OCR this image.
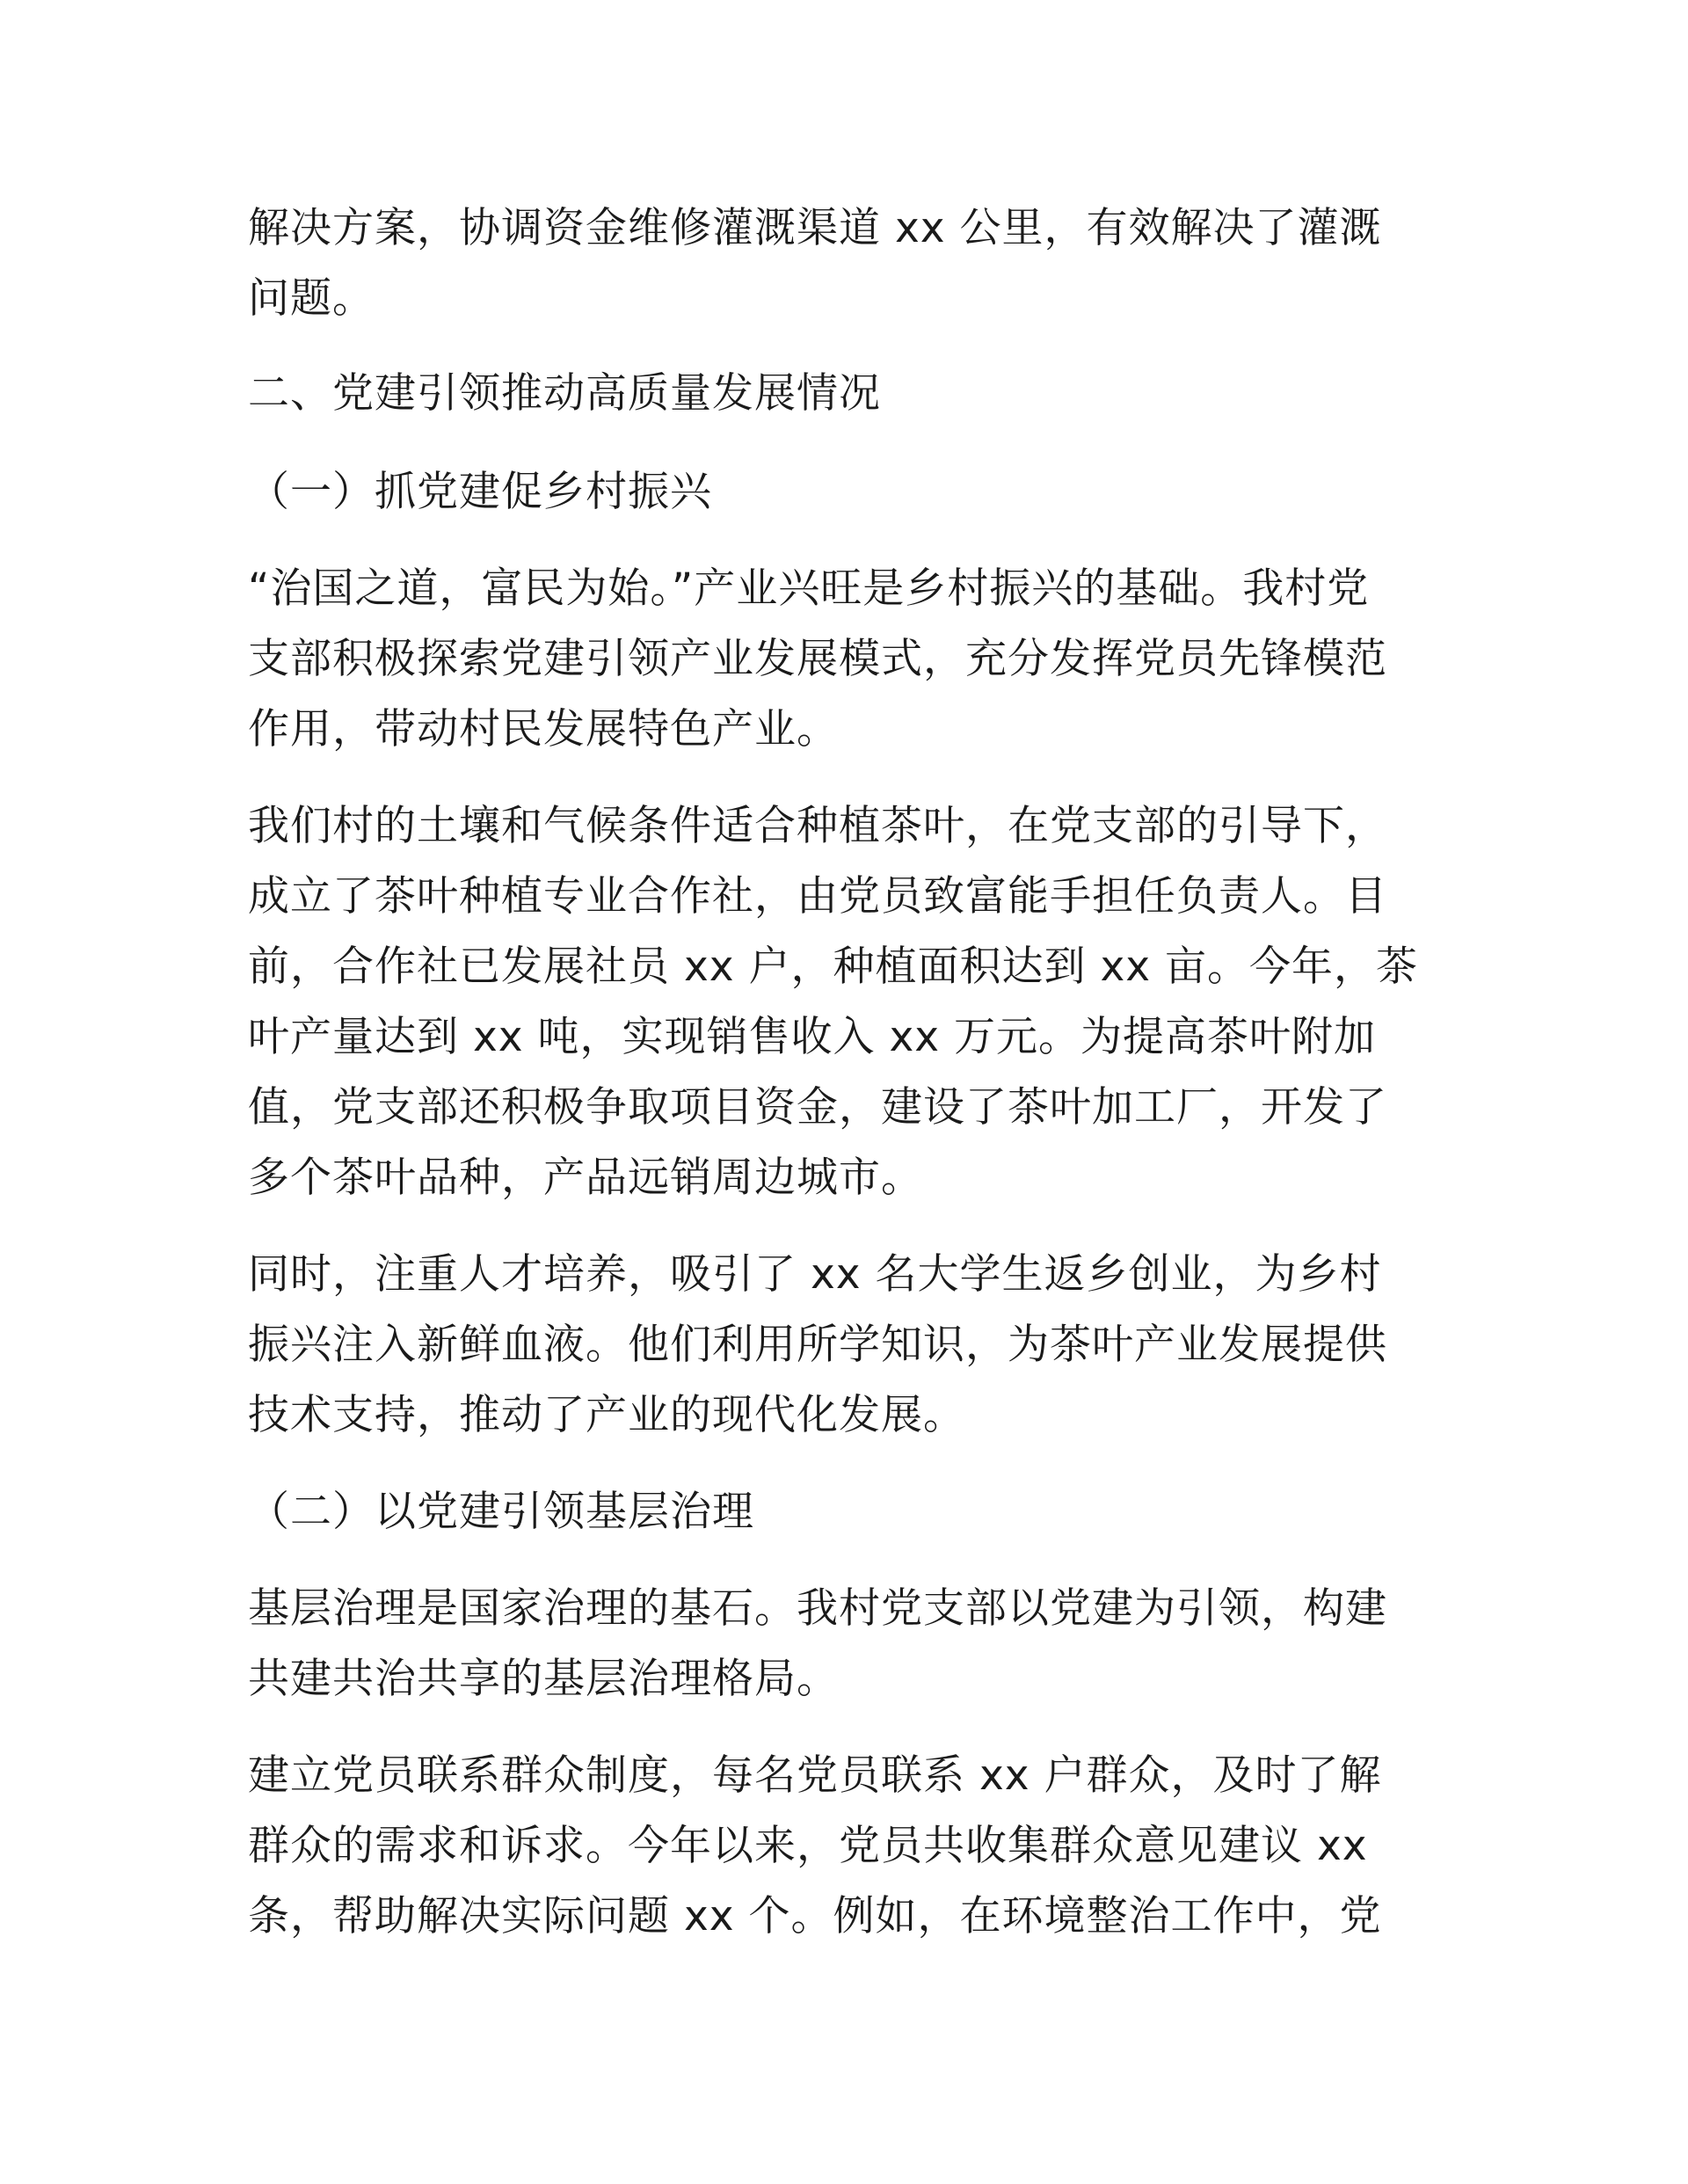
解决方案，协调资金维修灌溉渠道 xx 公里，有效解决了灌溉
问题。
二、党建引领推动高质量发展情况
（一）抓党建促乡村振兴
“治国之道，富民为始。”产业兴旺是乡村振兴的基础。我村党
支部积极探索党建引领产业发展模式，充分发挥党员先锋模范
作用，带动村民发展特色产业。
我们村的土壤和气候条件适合种植茶叶，在党支部的引导下，
成立了茶叶种植专业合作社，由党员致富能手担任负责人。目
前，合作社已发展社员 xx 户，种植面积达到 xx 亩。今年，茶
叶产量达到 xx 吨，实现销售收入 xx 万元。为提高茶叶附加
值，党支部还积极争取项目资金，建设了茶叶加工厂，开发了
多个茶叶品种，产品远销周边城市。
同时，注重人才培养，吸引了 xx 名大学生返乡创业，为乡村
振兴注入新鲜血液。他们利用所学知识，为茶叶产业发展提供
技术支持，推动了产业的现代化发展。
（二）以党建引领基层治理
基层治理是国家治理的基石。我村党支部以党建为引领，构建
共建共治共享的基层治理格局。
建立党员联系群众制度，每名党员联系 xx 户群众，及时了解
群众的需求和诉求。今年以来，党员共收集群众意见建议 xx
条，帮助解决实际问题 xx 个。例如，在环境整治工作中，党
